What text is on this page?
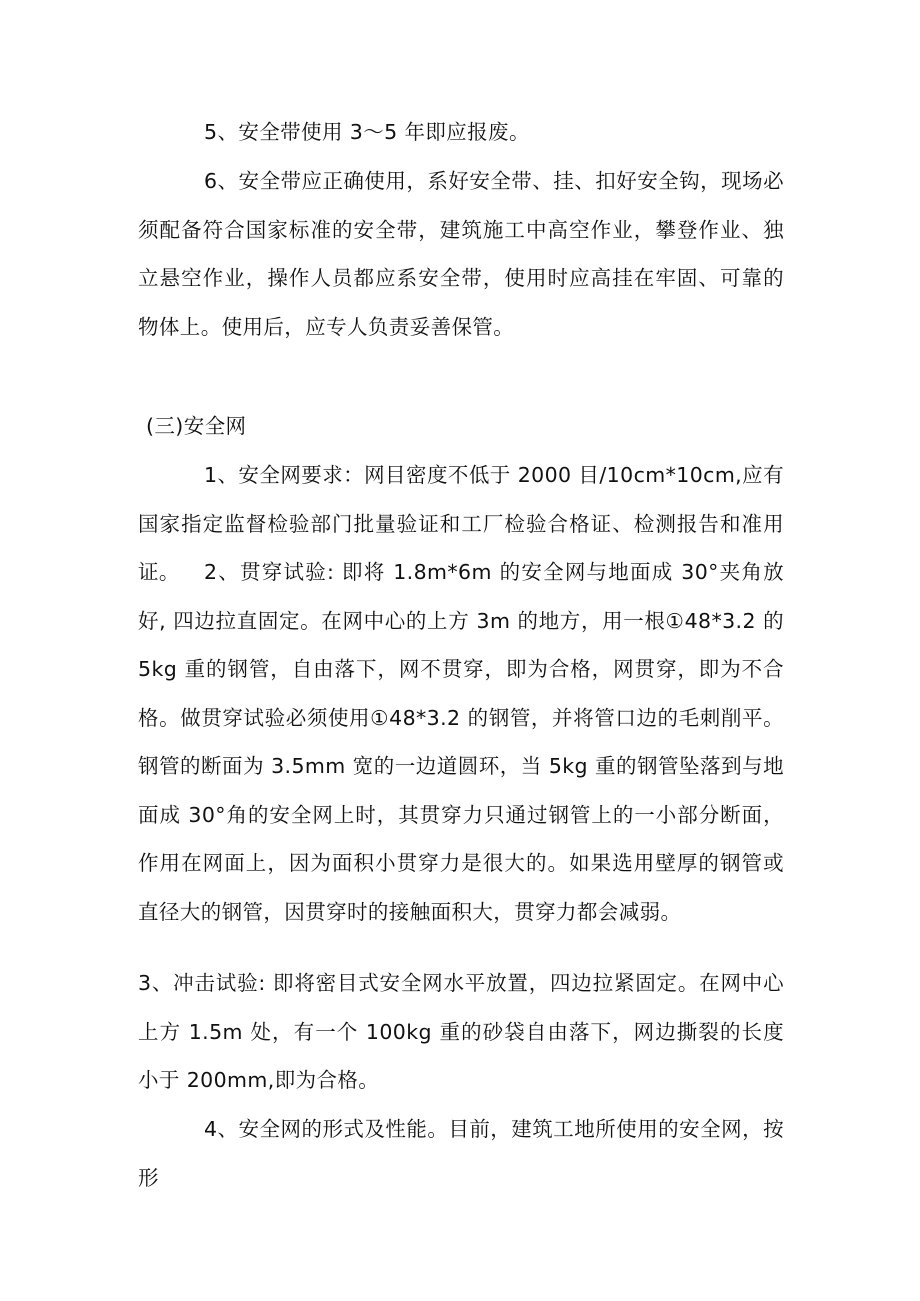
5、安全带使用 3～5 年即应报废。

6、安全带应正确使用，系好安全带、挂、扣好安全钩，现场必须配备符合国家标准的安全带，建筑施工中高空作业，攀登作业、独立悬空作业，操作人员都应系安全带，使用时应高挂在牢固、可靠的物体上。使用后，应专人负责妥善保管。

(三)安全网

1、安全网要求：网目密度不低于 2000 目/10cm*10cm,应有国家指定监督检验部门批量验证和工厂检验合格证、检测报告和准用证。	2、贯穿试验: 即将 1.8m*6m 的安全网与地面成 30°夹角放好, 四边拉直固定。在网中心的上方 3m 的地方，用一根①48*3.2 的 5kg 重的钢管，自由落下，网不贯穿，即为合格，网贯穿，即为不合格。做贯穿试验必须使用①48*3.2 的钢管，并将管口边的毛刺削平。钢管的断面为 3.5mm 宽的一边道圆环，当 5kg 重的钢管坠落到与地面成 30°角的安全网上时，其贯穿力只通过钢管上的一小部分断面，作用在网面上，因为面积小贯穿力是很大的。如果选用壁厚的钢管或直径大的钢管，因贯穿时的接触面积大，贯穿力都会减弱。

3、冲击试验: 即将密目式安全网水平放置，四边拉紧固定。在网中心上方 1.5m 处，有一个 100kg 重的砂袋自由落下，网边撕裂的长度小于 200mm,即为合格。

4、安全网的形式及性能。目前，建筑工地所使用的安全网，按形
